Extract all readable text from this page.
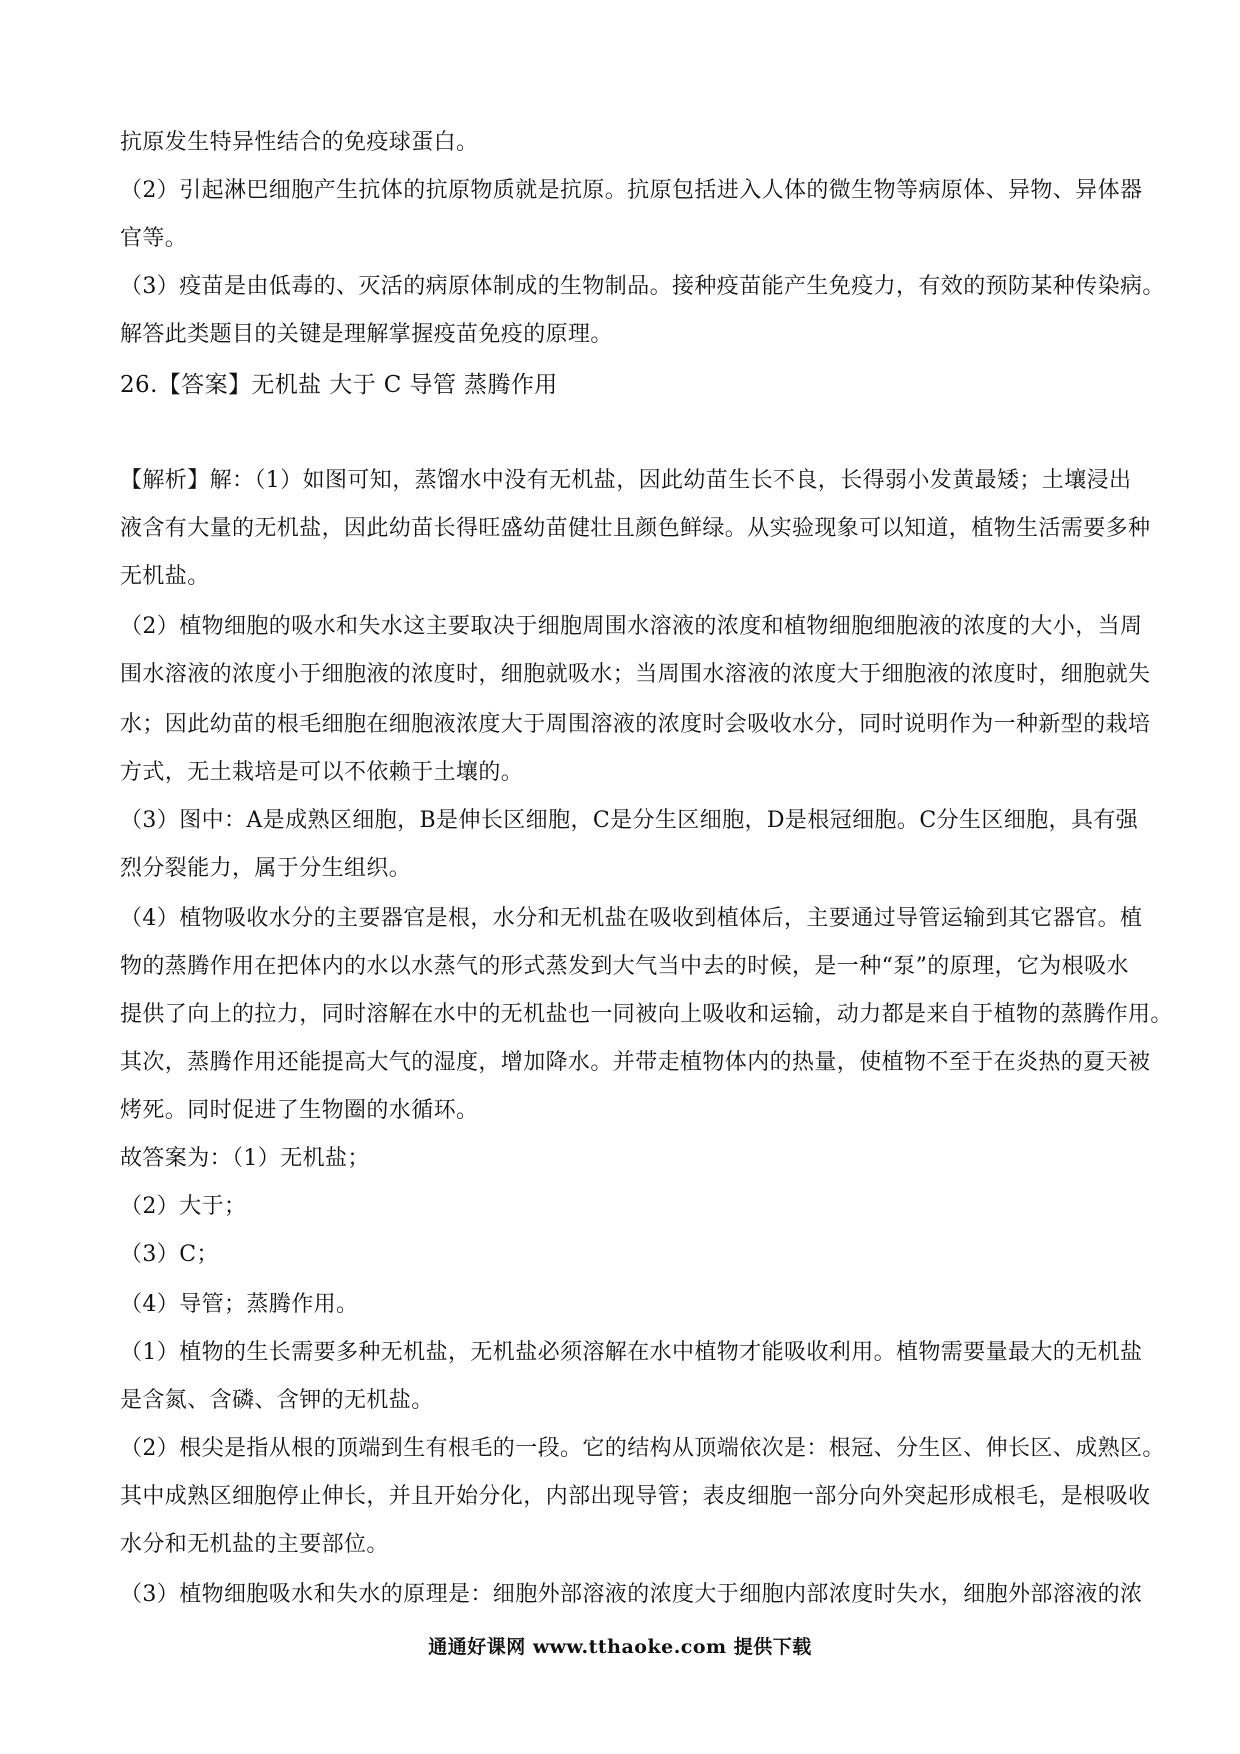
抗原发生特异性结合的免疫球蛋白。
（2）引起淋巴细胞产生抗体的抗原物质就是抗原。抗原包括进入人体的微生物等病原体、异物、异体器
官等。
（3）疫苗是由低毒的、灭活的病原体制成的生物制品。接种疫苗能产生免疫力，有效的预防某种传染病。
解答此类题目的关键是理解掌握疫苗免疫的原理。
26.【答案】无机盐 大于 C 导管 蒸腾作用
【解析】解：（1）如图可知，蒸馏水中没有无机盐，因此幼苗生长不良，长得弱小发黄最矮；土壤浸出
液含有大量的无机盐，因此幼苗长得旺盛幼苗健壮且颜色鲜绿。从实验现象可以知道，植物生活需要多种
无机盐。
（2）植物细胞的吸水和失水这主要取决于细胞周围水溶液的浓度和植物细胞细胞液的浓度的大小，当周
围水溶液的浓度小于细胞液的浓度时，细胞就吸水；当周围水溶液的浓度大于细胞液的浓度时，细胞就失
水；因此幼苗的根毛细胞在细胞液浓度大于周围溶液的浓度时会吸收水分，同时说明作为一种新型的栽培
方式，无土栽培是可以不依赖于土壤的。
（3）图中：A是成熟区细胞，B是伸长区细胞，C是分生区细胞，D是根冠细胞。C分生区细胞，具有强
烈分裂能力，属于分生组织。
（4）植物吸收水分的主要器官是根，水分和无机盐在吸收到植体后，主要通过导管运输到其它器官。植
物的蒸腾作用在把体内的水以水蒸气的形式蒸发到大气当中去的时候，是一种“泵”的原理，它为根吸水
提供了向上的拉力，同时溶解在水中的无机盐也一同被向上吸收和运输，动力都是来自于植物的蒸腾作用。
其次，蒸腾作用还能提高大气的湿度，增加降水。并带走植物体内的热量，使植物不至于在炎热的夏天被
烤死。同时促进了生物圈的水循环。
故答案为：（1）无机盐；
（2）大于；
（3）C；
（4）导管；蒸腾作用。
（1）植物的生长需要多种无机盐，无机盐必须溶解在水中植物才能吸收利用。植物需要量最大的无机盐
是含氮、含磷、含钾的无机盐。
（2）根尖是指从根的顶端到生有根毛的一段。它的结构从顶端依次是：根冠、分生区、伸长区、成熟区。
其中成熟区细胞停止伸长，并且开始分化，内部出现导管；表皮细胞一部分向外突起形成根毛，是根吸收
水分和无机盐的主要部位。
（3）植物细胞吸水和失水的原理是：细胞外部溶液的浓度大于细胞内部浓度时失水，细胞外部溶液的浓
通通好课网 www.tthaoke.com 提供下载
